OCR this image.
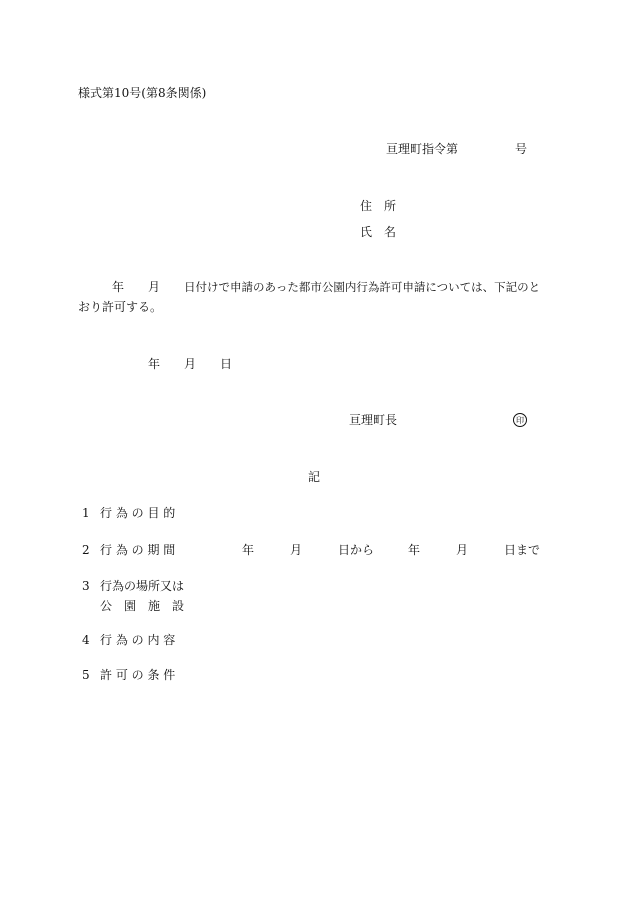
様式第10号(第8条関係)
亘理町指令第	号
住　所
氏　名
年 月 日付けで申請のあった都市公園内行為許可申請については、下記のと
おり許可する。
年 月 日
亘理町長	印
記
1 行 為 の 目 的
2 行 為 の 期 間	年	月	日から	年	月	日まで
3 行為の場所又は
公　園　施　設
4 行 為 の 内 容
5 許 可 の 条 件
